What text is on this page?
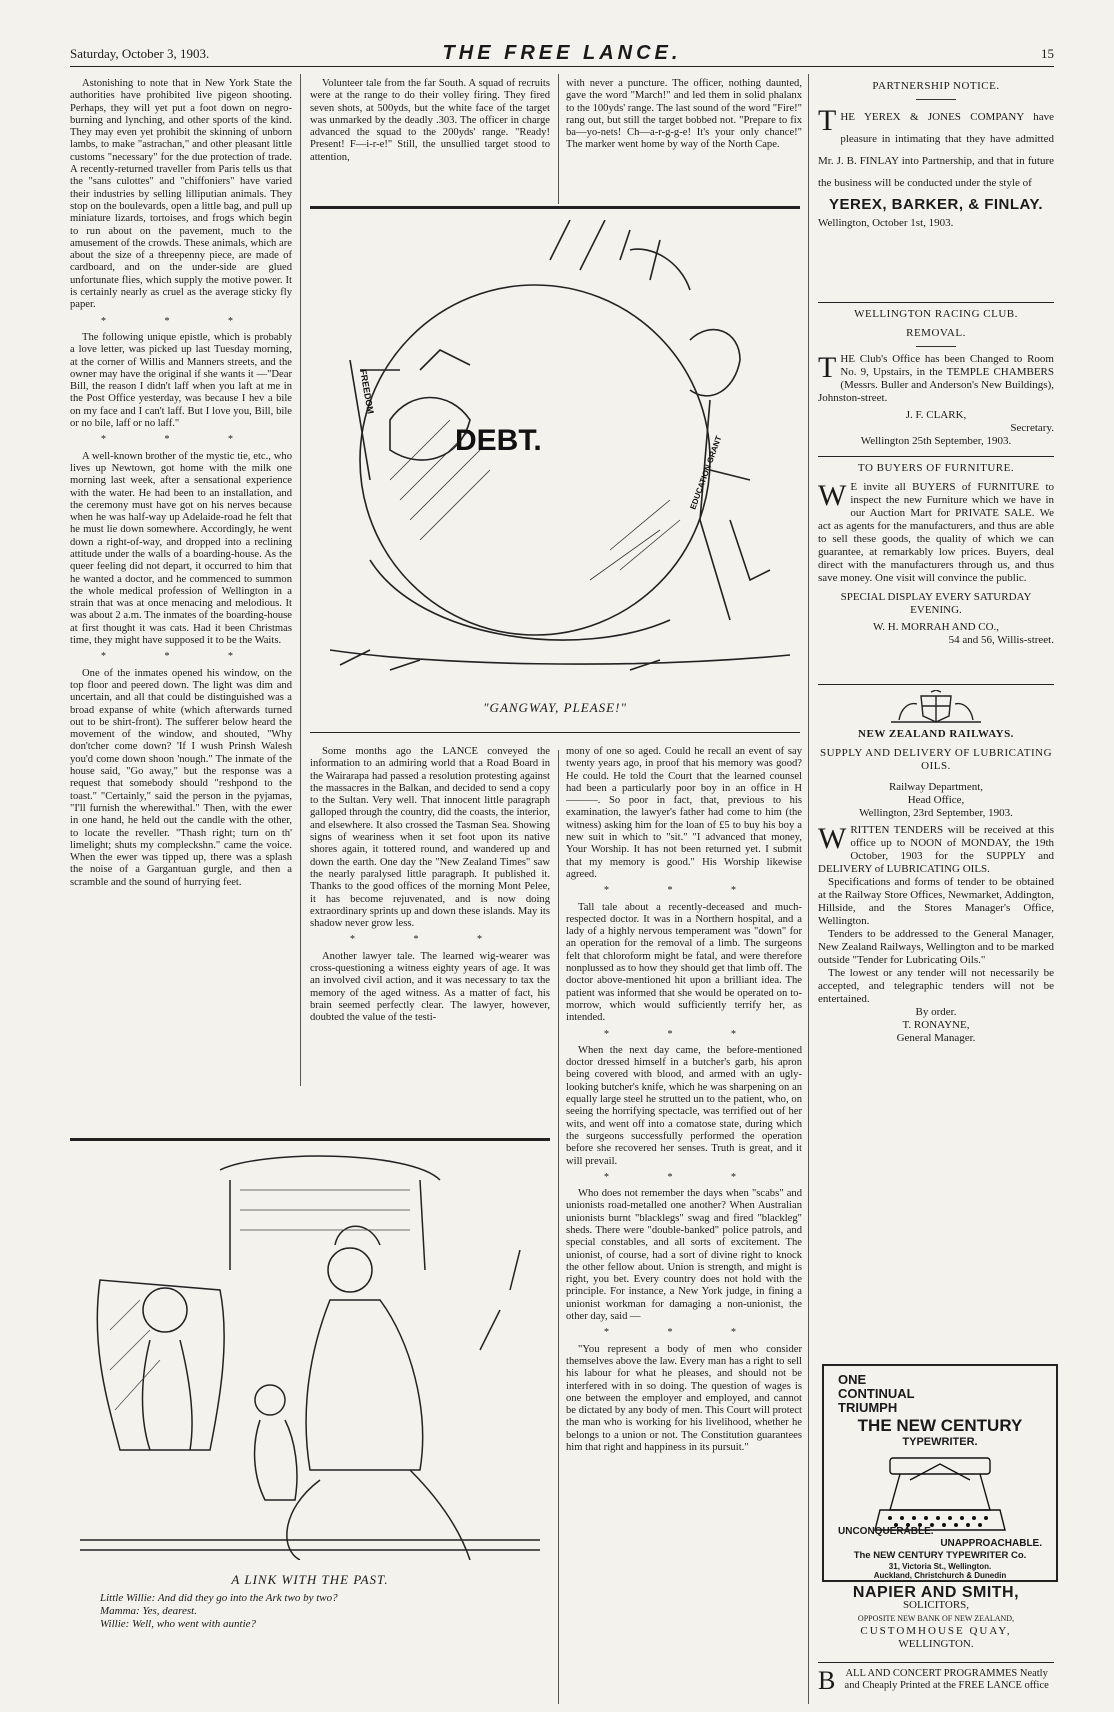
Saturday, October 3, 1903.	THE FREE LANCE.	15

Astonishing to note that in New York State the authorities have prohibited live pigeon shooting. Perhaps, they will yet put a foot down on negro-burning and lynching, and other sports of the kind. They may even yet prohibit the skinning of unborn lambs, to make "astrachan," and other pleasant little customs "necessary" for the due protection of trade. A recently-returned traveller from Paris tells us that the "sans culottes" and "chiffoniers" have varied their industries by selling lilliputian animals. They stop on the boulevards, open a little bag, and pull up miniature lizards, tortoises, and frogs which begin to run about on the pavement, much to the amusement of the crowds. These animals, which are about the size of a threepenny piece, are made of cardboard, and on the under-side are glued unfortunate flies, which supply the motive power. It is certainly nearly as cruel as the average sticky fly paper.

* * *

The following unique epistle, which is probably a love letter, was picked up last Tuesday morning, at the corner of Willis and Manners streets, and the owner may have the original if she wants it —"Dear Bill, the reason I didn't laff when you laft at me in the Post Office yesterday, was because I hev a bile on my face and I can't laff. But I love you, Bill, bile or no bile, laff or no laff."

* * *

A well-known brother of the mystic tie, etc., who lives up Newtown, got home with the milk one morning last week, after a sensational experience with the water. He had been to an installation, and the ceremony must have got on his nerves because when he was half-way up Adelaide-road he felt that he must lie down somewhere. Accordingly, he went down a right-of-way, and dropped into a reclining attitude under the walls of a boarding-house. As the queer feeling did not depart, it occurred to him that he wanted a doctor, and he commenced to summon the whole medical profession of Wellington in a strain that was at once menacing and melodious. It was about 2 a.m. The inmates of the boarding-house at first thought it was cats. Had it been Christmas time, they might have supposed it to be the Waits.

* * *

One of the inmates opened his window, on the top floor and peered down. The light was dim and uncertain, and all that could be distinguished was a broad expanse of white (which afterwards turned out to be shirt-front). The sufferer below heard the movement of the window, and shouted, "Why don'tcher come down? 'If I wush Prinsh Walesh you'd come down shoon 'nough." The inmate of the house said, "Go away," but the response was a request that somebody should "reshpond to the toast." "Certainly," said the person in the pyjamas, "I'll furnish the wherewithal." Then, with the ewer in one hand, he held out the candle with the other, to locate the reveller. "Thash right; turn on th' limelight; shuts my compleckshn." came the voice. When the ewer was tipped up, there was a splash the noise of a Gargantuan gurgle, and then a scramble and the sound of hurrying feet.

Volunteer tale from the far South. A squad of recruits were at the range to do their volley firing. They fired seven shots, at 500yds, but the white face of the target was unmarked by the deadly .303. The officer in charge advanced the squad to the 200yds' range. "Ready! Present! F—i-r-e!" Still, the unsullied target stood to attention,

with never a puncture. The officer, nothing daunted, gave the word "March!" and led them in solid phalanx to the 100yds' range. The last sound of the word "Fire!" rang out, but still the target bobbed not. "Prepare to fix ba—yo-nets! Ch—a-r-g-g-e! It's your only chance!" The marker went home by way of the North Cape.

DEBT.
FREEDOM
EDUCATION GRANT
"GANGWAY, PLEASE!"

Some months ago the LANCE conveyed the information to an admiring world that a Road Board in the Wairarapa had passed a resolution protesting against the massacres in the Balkan, and decided to send a copy to the Sultan. Very well. That innocent little paragraph galloped through the country, did the coasts, the interior, and elsewhere. It also crossed the Tasman Sea. Showing signs of weariness when it set foot upon its native shores again, it tottered round, and wandered up and down the earth. One day the "New Zealand Times" saw the nearly paralysed little paragraph. It published it. Thanks to the good offices of the morning Mont Pelee, it has become rejuvenated, and is now doing extraordinary sprints up and down these islands. May its shadow never grow less.

* * *

Another lawyer tale. The learned wig-wearer was cross-questioning a witness eighty years of age. It was an involved civil action, and it was necessary to tax the memory of the aged witness. As a matter of fact, his brain seemed perfectly clear. The lawyer, however, doubted the value of the testi-

mony of one so aged. Could he recall an event of say twenty years ago, in proof that his memory was good? He could. He told the Court that the learned counsel had been a particularly poor boy in an office in H———. So poor in fact, that, previous to his examination, the lawyer's father had come to him (the witness) asking him for the loan of £5 to buy his boy a new suit in which to "sit." "I advanced that money, Your Worship. It has not been returned yet. I submit that my memory is good." His Worship likewise agreed.

* * *

Tall tale about a recently-deceased and much-respected doctor. It was in a Northern hospital, and a lady of a highly nervous temperament was "down" for an operation for the removal of a limb. The surgeons felt that chloroform might be fatal, and were therefore nonplussed as to how they should get that limb off. The doctor above-mentioned hit upon a brilliant idea. The patient was informed that she would be operated on to-morrow, which would sufficiently terrify her, as intended.

* * *

When the next day came, the before-mentioned doctor dressed himself in a butcher's garb, his apron being covered with blood, and armed with an ugly-looking butcher's knife, which he was sharpening on an equally large steel he strutted un to the patient, who, on seeing the horrifying spectacle, was terrified out of her wits, and went off into a comatose state, during which the surgeons successfully performed the operation before she recovered her senses. Truth is great, and it will prevail.

* * *

Who does not remember the days when "scabs" and unionists road-metalled one another? When Australian unionists burnt "blacklegs" swag and fired "blackleg" sheds. There were "double-banked" police patrols, and special constables, and all sorts of excitement. The unionist, of course, had a sort of divine right to knock the other fellow about. Union is strength, and might is right, you bet. Every country does not hold with the principle. For instance, a New York judge, in fining a unionist workman for damaging a non-unionist, the other day, said —

* * *

"You represent a body of men who consider themselves above the law. Every man has a right to sell his labour for what he pleases, and should not be interfered with in so doing. The question of wages is one between the employer and employed, and cannot be dictated by any body of men. This Court will protect the man who is working for his livelihood, whether he belongs to a union or not. The Constitution guarantees him that right and happiness in its pursuit."

A LINK WITH THE PAST.
Little Willie: And did they go into the Ark two by two?
Mamma: Yes, dearest.
Willie: Well, who went with auntie?
PARTNERSHIP NOTICE.
THE YEREX & JONES COMPANY have pleasure in intimating that they have admitted Mr. J. B. FINLAY into Partnership, and that in future the business will be conducted under the style of
YEREX, BARKER, & FINLAY.
Wellington, October 1st, 1903.
WELLINGTON RACING CLUB.
REMOVAL.
THE Club's Office has been Changed to Room No. 9, Upstairs, in the TEMPLE CHAMBERS (Messrs. Buller and Anderson's New Buildings), Johnston-street.
J. F. CLARK,
Secretary.
Wellington 25th September, 1903.
TO BUYERS OF FURNITURE.
W E invite all BUYERS of FURNITURE to inspect the new Furniture which we have in our Auction Mart for PRIVATE SALE. We act as agents for the manufacturers, and thus are able to sell these goods, the quality of which we can guarantee, at remarkably low prices. Buyers, deal direct with the manufacturers through us, and thus save money. One visit will convince the public.
SPECIAL DISPLAY EVERY SATURDAY EVENING.
W. H. MORRAH AND CO.,
54 and 56, Willis-street.
NEW ZEALAND RAILWAYS.
SUPPLY AND DELIVERY OF LUBRICATING OILS.
Railway Department,
Head Office,
Wellington, 23rd September, 1903.
WRITTEN TENDERS will be received at this office up to NOON of MONDAY, the 19th October, 1903 for the SUPPLY and DELIVERY of LUBRICATING OILS.
Specifications and forms of tender to be obtained at the Railway Store Offices, Newmarket, Addington, Hillside, and the Stores Manager's Office, Wellington.
Tenders to be addressed to the General Manager, New Zealand Railways, Wellington and to be marked outside "Tender for Lubricating Oils."
The lowest or any tender will not necessarily be accepted, and telegraphic tenders will not be entertained.
By order.
T. RONAYNE,
General Manager.
ONE
CONTINUAL
TRIUMPH
THE NEW CENTURY
TYPEWRITER.
UNCONQUERABLE.
UNAPPROACHABLE.
The NEW CENTURY TYPEWRITER Co.
31, Victoria St., Wellington.
Auckland, Christchurch & Dunedin
NAPIER AND SMITH,
SOLICITORS,
OPPOSITE NEW BANK OF NEW ZEALAND,
CUSTOMHOUSE QUAY,
WELLINGTON.
BALL AND CONCERT PROGRAMMES Neatly and Cheaply Printed at the FREE LANCE office
